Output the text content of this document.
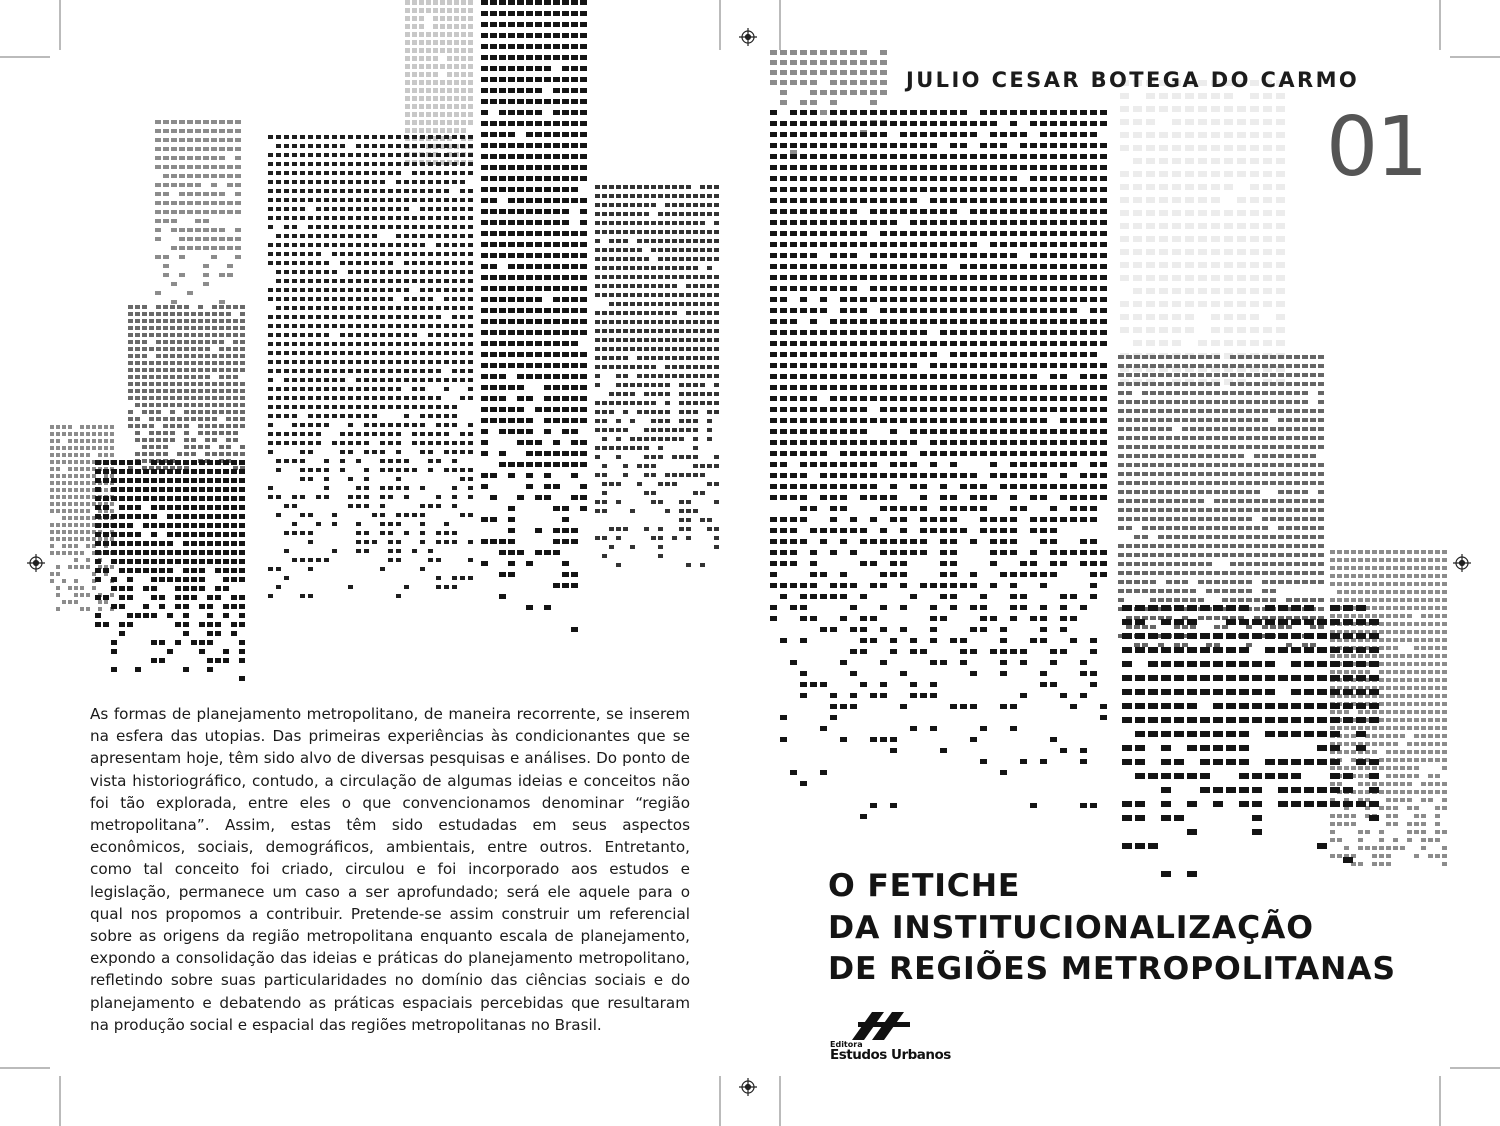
As formas de planejamento metropolitano, de maneira recorrente, se inserem na esfera das utopias. Das primeiras experiências às condicionantes que se apresentam hoje, têm sido alvo de diversas pesquisas e análises. Do ponto de vista historiográfico, contudo, a circulação de algumas ideias e conceitos não foi tão explorada, entre eles o que convencionamos denominar “região metropolitana”. Assim, estas têm sido estudadas em seus aspectos econômicos, sociais, demográficos, ambientais, entre outros. Entretanto, como tal conceito foi criado, circulou e foi incorporado aos estudos e legislação, permanece um caso a ser aprofundado; será ele aquele para o qual nos propomos a contribuir. Pretende-se assim construir um referencial sobre as origens da região metropolitana enquanto escala de planejamento, expondo a consolidação das ideias e práticas do planejamento metropolitano, refletindo sobre suas particularidades no domínio das ciências sociais e do planejamento e debatendo as práticas espaciais percebidas que resultaram na produção social e espacial das regiões metropolitanas no Brasil.

JULIO CESAR BOTEGA DO CARMO
01
O FETICHE
DA INSTITUCIONALIZAÇÃO
DE REGIÕES METROPOLITANAS
Editora
Estudos Urbanos
